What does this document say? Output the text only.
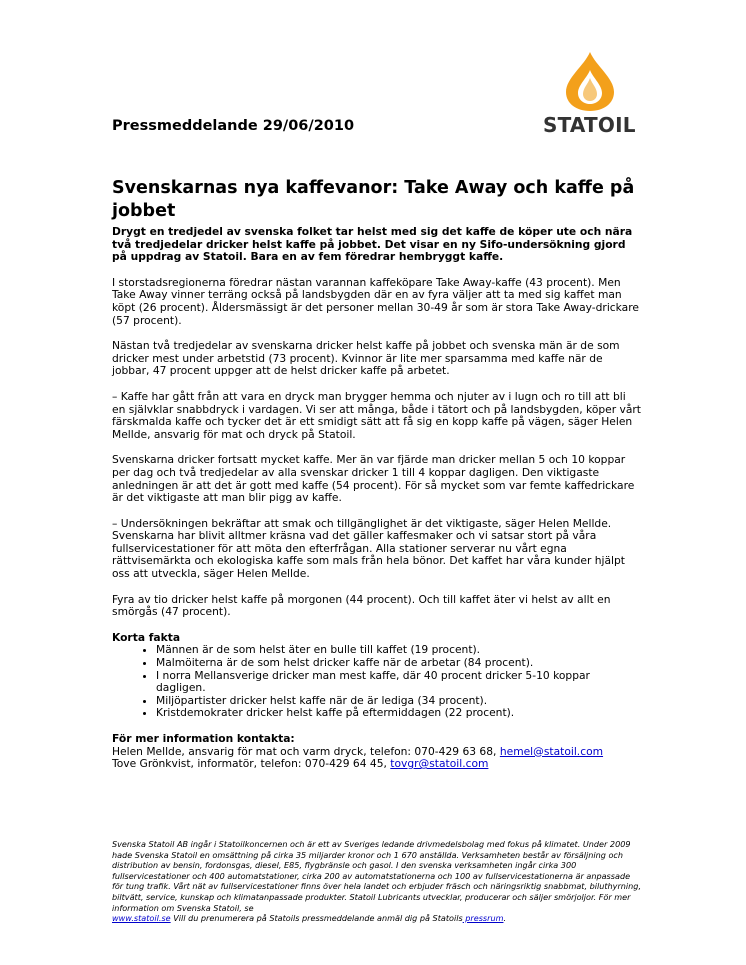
STATOIL
Pressmeddelande 29/06/2010
Svenskarnas nya kaffevanor: Take Away och kaffe på jobbet

Drygt en tredjedel av svenska folket tar helst med sig det kaffe de köper ute och nära två tredjedelar dricker helst kaffe på jobbet. Det visar en ny Sifo-undersökning gjord på uppdrag av Statoil. Bara en av fem föredrar hembryggt kaffe.

I storstadsregionerna föredrar nästan varannan kaffeköpare Take Away-kaffe (43 procent). Men Take Away vinner terräng också på landsbygden där en av fyra väljer att ta med sig kaffet man köpt (26 procent). Åldersmässigt är det personer mellan 30-49 år som är stora Take Away-drickare (57 procent).

Nästan två tredjedelar av svenskarna dricker helst kaffe på jobbet och svenska män är de som dricker mest under arbetstid (73 procent). Kvinnor är lite mer sparsamma med kaffe när de jobbar, 47 procent uppger att de helst dricker kaffe på arbetet.

– Kaffe har gått från att vara en dryck man brygger hemma och njuter av i lugn och ro till att bli en självklar snabbdryck i vardagen. Vi ser att många, både i tätort och på landsbygden, köper vårt färskmalda kaffe och tycker det är ett smidigt sätt att få sig en kopp kaffe på vägen, säger Helen Mellde, ansvarig för mat och dryck på Statoil.

Svenskarna dricker fortsatt mycket kaffe. Mer än var fjärde man dricker mellan 5 och 10 koppar per dag och två tredjedelar av alla svenskar dricker 1 till 4 koppar dagligen. Den viktigaste anledningen är att det är gott med kaffe (54 procent). För så mycket som var femte kaffedrickare är det viktigaste att man blir pigg av kaffe.

– Undersökningen bekräftar att smak och tillgänglighet är det viktigaste, säger Helen Mellde. Svenskarna har blivit alltmer kräsna vad det gäller kaffesmaker och vi satsar stort på våra fullservicestationer för att möta den efterfrågan. Alla stationer serverar nu vårt egna rättvisemärkta och ekologiska kaffe som mals från hela bönor. Det kaffet har våra kunder hjälpt oss att utveckla, säger Helen Mellde.

Fyra av tio dricker helst kaffe på morgonen (44 procent). Och till kaffet äter vi helst av allt en smörgås (47 procent).

Korta fakta
• Männen är de som helst äter en bulle till kaffet (19 procent).
• Malmöiterna är de som helst dricker kaffe när de arbetar (84 procent).
• I norra Mellansverige dricker man mest kaffe, där 40 procent dricker 5-10 koppar dagligen.
• Miljöpartister dricker helst kaffe när de är lediga (34 procent).
• Kristdemokrater dricker helst kaffe på eftermiddagen (22 procent).
För mer information kontakta:
Helen Mellde, ansvarig för mat och varm dryck, telefon: 070-429 63 68, hemel@statoil.com
Tove Grönkvist, informatör, telefon: 070-429 64 45, tovgr@statoil.com
Svenska Statoil AB ingår i Statoilkoncernen och är ett av Sveriges ledande drivmedelsbolag med fokus på klimatet. Under 2009 hade Svenska Statoil en omsättning på cirka 35 miljarder kronor och 1 670 anställda. Verksamheten består av försäljning och distribution av bensin, fordonsgas, diesel, E85, flygbränsle och gasol. I den svenska verksamheten ingår cirka 300 fullservicestationer och 400 automatstationer, cirka 200 av automatstationerna och 100 av fullservicestationerna är anpassade för tung trafik. Vårt nät av fullservicestationer finns över hela landet och erbjuder fräsch och näringsriktig snabbmat, biluthyrning, biltvätt, service, kunskap och klimatanpassade produkter. Statoil Lubricants utvecklar, producerar och säljer smörjoljor. För mer information om Svenska Statoil, se
www.statoil.se Vill du prenumerera på Statoils pressmeddelande anmäl dig på Statoils pressrum.
